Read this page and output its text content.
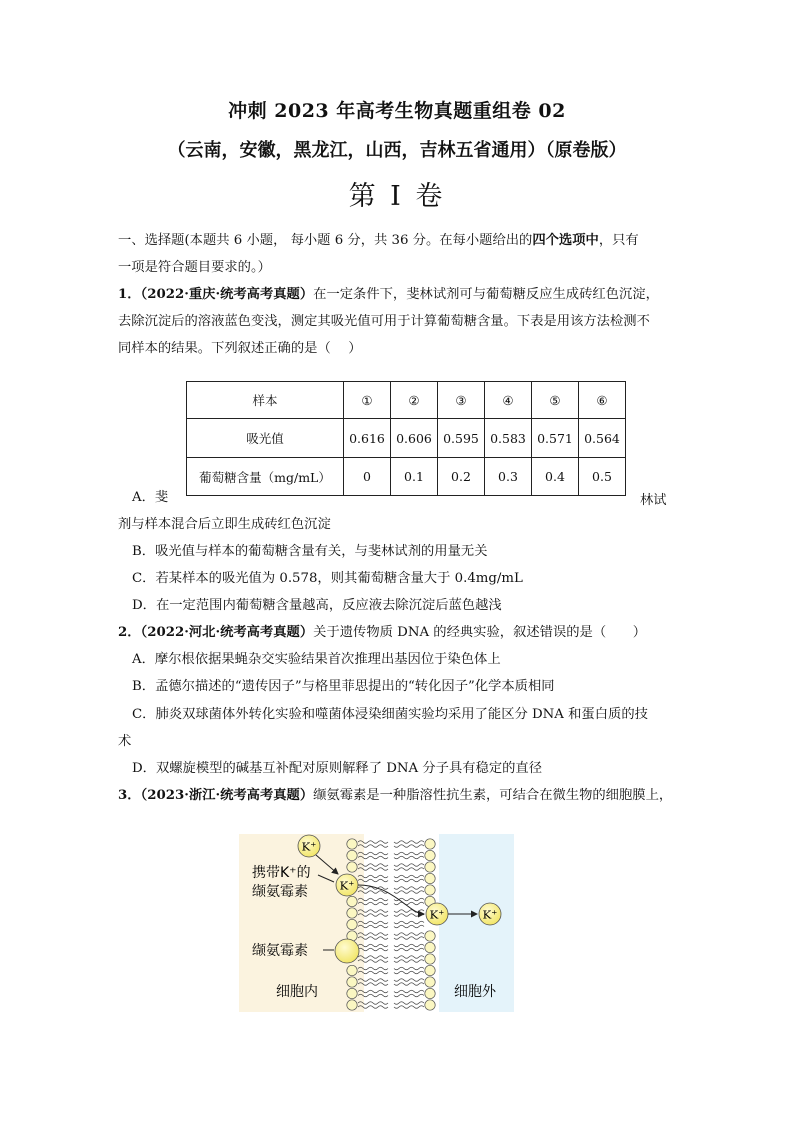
冲刺 2023 年高考生物真题重组卷 02
（云南，安徽，黑龙江，山西，吉林五省通用）（原卷版）
第 I 卷
一、选择题(本题共 6 小题， 每小题 6 分，共 36 分。在每小题给出的四个选项中，只有
一项是符合题目要求的。）
1．（2022·重庆·统考高考真题）在一定条件下，斐林试剂可与葡萄糖反应生成砖红色沉淀，
去除沉淀后的溶液蓝色变浅，测定其吸光值可用于计算葡萄糖含量。下表是用该方法检测不
同样本的结果。下列叙述正确的是（　 ）
样本	①	②	③	④	⑤	⑥
吸光值	0.616	0.606	0.595	0.583	0.571	0.564
葡萄糖含量（mg/mL）	0	0.1	0.2	0.3	0.4	0.5
A．斐	林试
剂与样本混合后立即生成砖红色沉淀
B．吸光值与样本的葡萄糖含量有关，与斐林试剂的用量无关
C．若某样本的吸光值为 0.578，则其葡萄糖含量大于 0.4mg/mL
D．在一定范围内葡萄糖含量越高，反应液去除沉淀后蓝色越浅
2．（2022·河北·统考高考真题）关于遗传物质 DNA 的经典实验，叙述错误的是（　　）
A．摩尔根依据果蝇杂交实验结果首次推理出基因位于染色体上
B．孟德尔描述的“遗传因子”与格里菲思提出的“转化因子”化学本质相同
C．肺炎双球菌体外转化实验和噬菌体浸染细菌实验均采用了能区分 DNA 和蛋白质的技
术
D．双螺旋模型的碱基互补配对原则解释了 DNA 分子具有稳定的直径
3．（2023·浙江·统考高考真题）缬氨霉素是一种脂溶性抗生素，可结合在微生物的细胞膜上，
K⁺
K⁺
K⁺	K⁺
携带K⁺的
缬氨霉素
缬氨霉素
细胞内	细胞外
